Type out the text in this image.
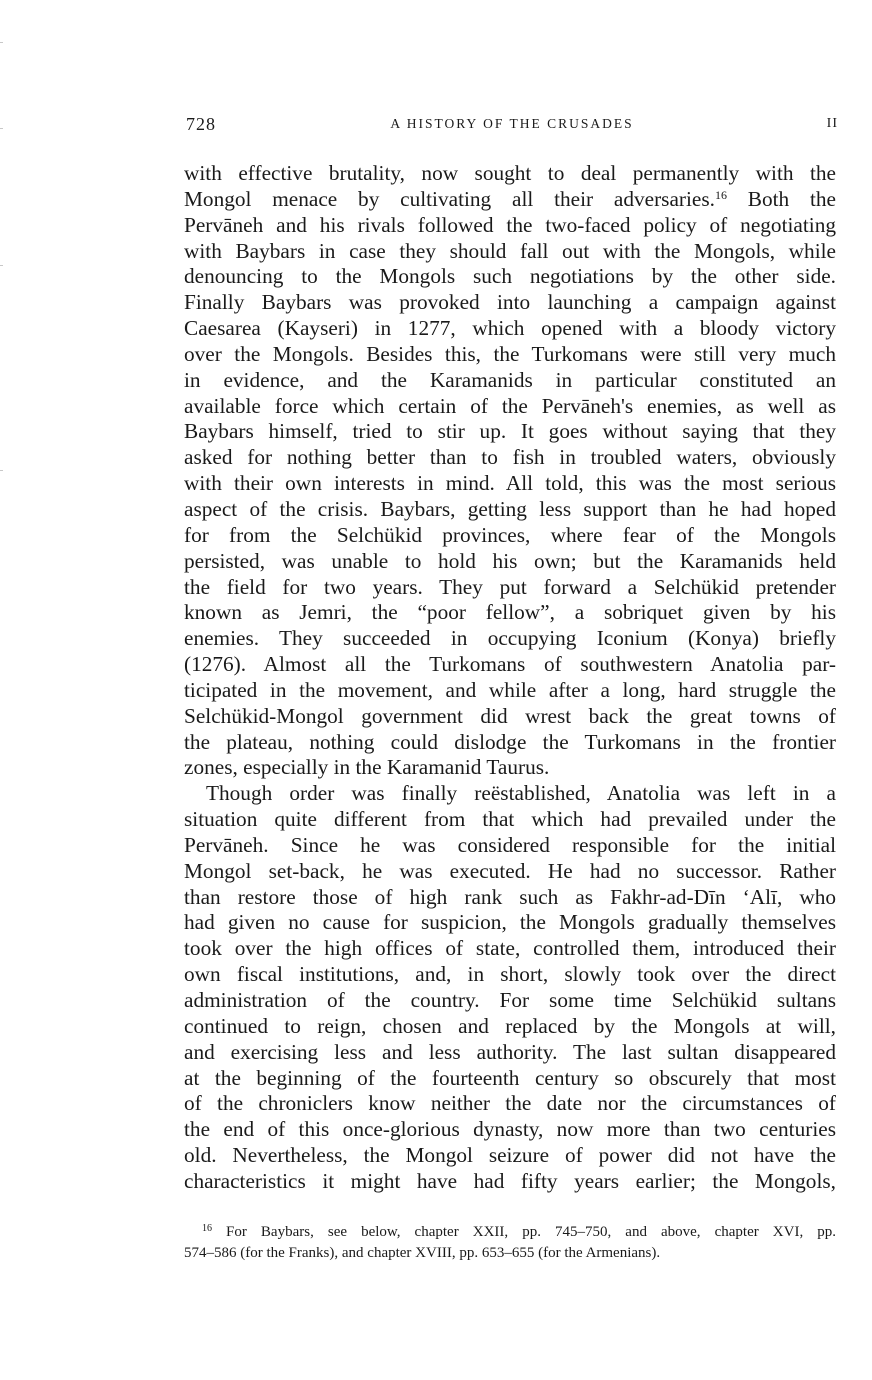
728	A HISTORY OF THE CRUSADES	II
with effective brutality, now sought to deal permanently with the
Mongol menace by cultivating all their adversaries.$^{16}$ Both the
Pervāneh and his rivals followed the two-faced policy of negotiating
with Baybars in case they should fall out with the Mongols, while
denouncing to the Mongols such negotiations by the other side.
Finally Baybars was provoked into launching a campaign against
Caesarea (Kayseri) in 1277, which opened with a bloody victory
over the Mongols. Besides this, the Turkomans were still very much
in evidence, and the Karamanids in particular constituted an
available force which certain of the Pervāneh's enemies, as well as
Baybars himself, tried to stir up. It goes without saying that they
asked for nothing better than to fish in troubled waters, obviously
with their own interests in mind. All told, this was the most serious
aspect of the crisis. Baybars, getting less support than he had hoped
for from the Selchükid provinces, where fear of the Mongols
persisted, was unable to hold his own; but the Karamanids held
the field for two years. They put forward a Selchükid pretender
known as Jemri, the “poor fellow”, a sobriquet given by his
enemies. They succeeded in occupying Iconium (Konya) briefly
(1276). Almost all the Turkomans of southwestern Anatolia par-
ticipated in the movement, and while after a long, hard struggle the
Selchükid-Mongol government did wrest back the great towns of
the plateau, nothing could dislodge the Turkomans in the frontier
zones, especially in the Karamanid Taurus.
Though order was finally reëstablished, Anatolia was left in a
situation quite different from that which had prevailed under the
Pervāneh. Since he was considered responsible for the initial
Mongol set-back, he was executed. He had no successor. Rather
than restore those of high rank such as Fakhr-ad-Dīn ‘Alī, who
had given no cause for suspicion, the Mongols gradually themselves
took over the high offices of state, controlled them, introduced their
own fiscal institutions, and, in short, slowly took over the direct
administration of the country. For some time Selchükid sultans
continued to reign, chosen and replaced by the Mongols at will,
and exercising less and less authority. The last sultan disappeared
at the beginning of the fourteenth century so obscurely that most
of the chroniclers know neither the date nor the circumstances of
the end of this once-glorious dynasty, now more than two centuries
old. Nevertheless, the Mongol seizure of power did not have the
characteristics it might have had fifty years earlier; the Mongols,
$^{16}$ For Baybars, see below, chapter XXII, pp. 745–750, and above, chapter XVI, pp.
574–586 (for the Franks), and chapter XVIII, pp. 653–655 (for the Armenians).
